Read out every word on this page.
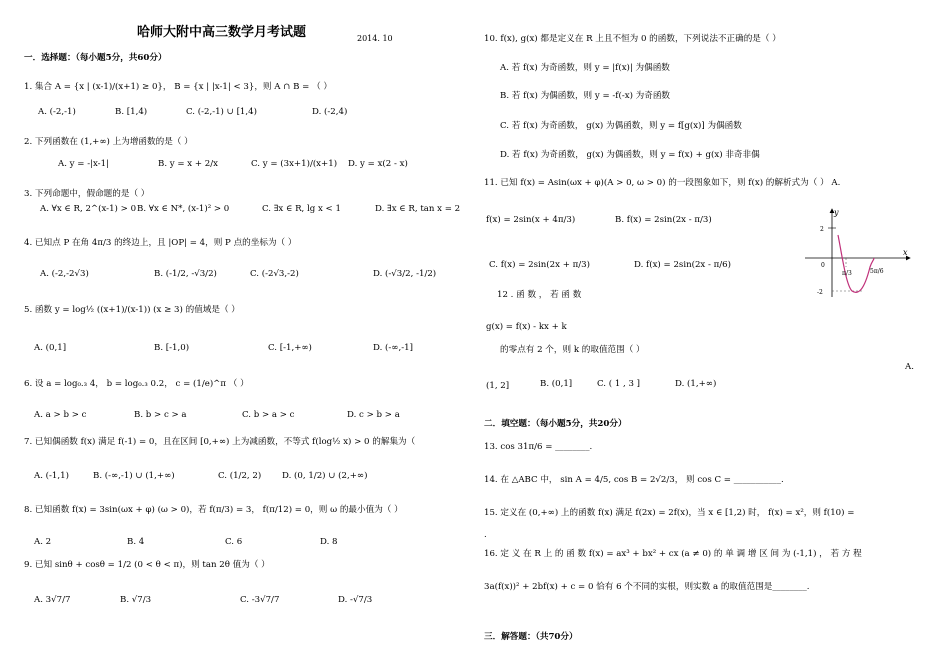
哈师大附中高三数学月考试题	2014. 10
一．选择题：（每小题5分，共60分）
1. 集合 A = {x | (x-1)/(x+1) ≥ 0}， B = {x | |x-1| < 3}，则 A ∩ B = （ ）
A. (-2,-1)	B. [1,4)	C. (-2,-1) ∪ [1,4)	D. (-2,4)
2. 下列函数在 (1,+∞) 上为增函数的是（ ）
A. y = -|x-1|	B. y = x + 2/x	C. y = (3x+1)/(x+1) D. y = x(2 - x)
3. 下列命题中，假命题的是（ ）
A. ∀x ∈ R, 2^(x-1) > 0 B. ∀x ∈ N*, (x-1)² > 0	C. ∃x ∈ R, lg x < 1	D. ∃x ∈ R, tan x = 2
4. 已知点 P 在角 4π/3 的终边上，且 |OP| = 4，则 P 点的坐标为（ ）
A. (-2,-2√3)	B. (-1/2, -√3/2)	C. (-2√3,-2)	D. (-√3/2, -1/2)
5. 函数 y = log½ ((x+1)/(x-1)) (x ≥ 3) 的值域是（ ）
A. (0,1]	B. [-1,0)	C. [-1,+∞)	D. (-∞,-1]
6. 设 a = log₀.₃ 4， b = log₀.₃ 0.2， c = (1/e)^π （ ）
A. a > b > c	B. b > c > a	C. b > a > c	D. c > b > a
7. 已知偶函数 f(x) 满足 f(-1) = 0，且在区间 [0,+∞) 上为减函数，不等式 f(log½ x) > 0 的解集为（
A. (-1,1)	B. (-∞,-1) ∪ (1,+∞)	C. (1/2, 2) D. (0, 1/2) ∪ (2,+∞)
8. 已知函数 f(x) = 3sin(ωx + φ) (ω > 0)，若 f(π/3) = 3， f(π/12) = 0，则 ω 的最小值为（ ）
A. 2	B. 4	C. 6	D. 8
9. 已知 sinθ + cosθ = 1/2 (0 < θ < π)，则 tan 2θ 值为（ ）
A. 3√7/7	B. √7/3	C. -3√7/7	D. -√7/3
10. f(x), g(x) 都是定义在 R 上且不恒为 0 的函数，下列说法不正确的是（ ）
A. 若 f(x) 为奇函数，则 y = |f(x)| 为偶函数
B. 若 f(x) 为偶函数，则 y = -f(-x) 为奇函数
C. 若 f(x) 为奇函数， g(x) 为偶函数，则 y = f[g(x)] 为偶函数
D. 若 f(x) 为奇函数， g(x) 为偶函数，则 y = f(x) + g(x) 非奇非偶
11. 已知 f(x) = Asin(ωx + φ)(A > 0, ω > 0) 的一段图象如下，则 f(x) 的解析式为（ ） A.
f(x) = 2sin(x + 4π/3)	B. f(x) = 2sin(2x - π/3)
C. f(x) = 2sin(2x + π/3)	D. f(x) = 2sin(2x - π/6)
y
x
2
-2
0
π/3	5π/6
12 . 函 数 ， 若 函 数
g(x) = f(x) - kx + k
的零点有 2 个，则 k 的取值范围（ ）
A.
(1, 2]	B. (0,1]	C. ( 1 , 3 ]	D. (1,+∞)
二．填空题：（每小题5分，共20分）
13. cos 31π/6 = ________.
14. 在 △ABC 中， sin A = 4/5, cos B = 2√2/3， 则 cos C = ___________.
15. 定义在 (0,+∞) 上的函数 f(x) 满足 f(2x) = 2f(x)，当 x ∈ [1,2) 时， f(x) = x²，则 f(10) =
.
16. 定 义 在 R 上 的 函 数 f(x) = ax³ + bx² + cx (a ≠ 0) 的 单 调 增 区 间 为 (-1,1) ， 若 方 程
3a(f(x))² + 2bf(x) + c = 0 恰有 6 个不同的实根，则实数 a 的取值范围是________.
三．解答题：（共70分）
